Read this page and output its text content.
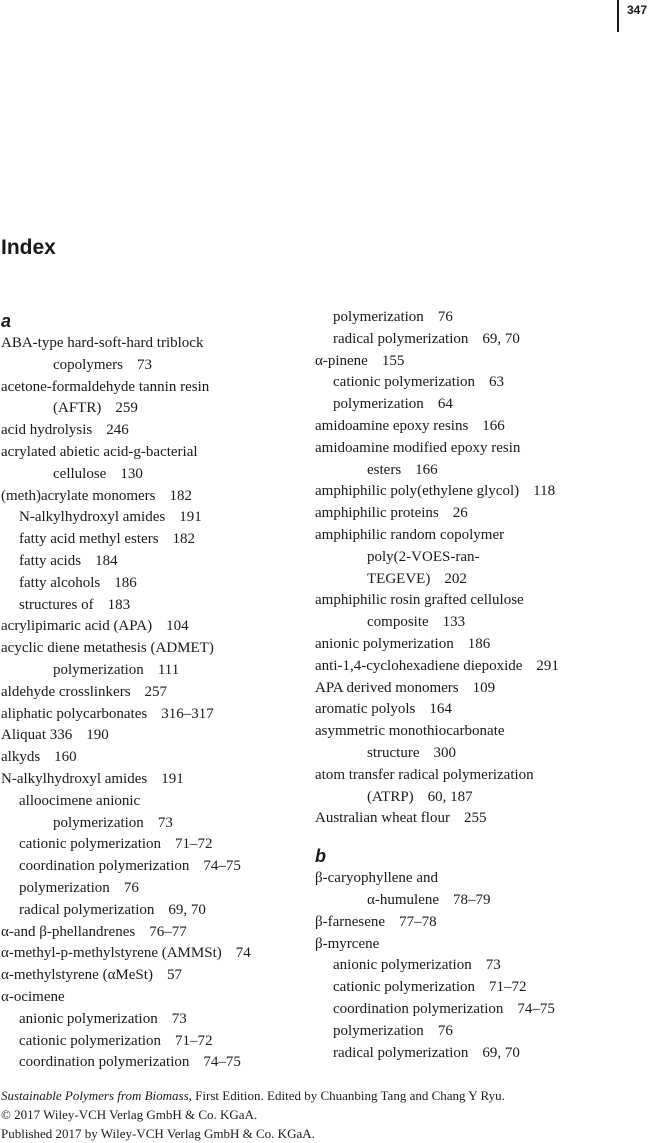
347
Index
a
ABA-type hard-soft-hard triblock
copolymers 73
acetone-formaldehyde tannin resin
(AFTR) 259
acid hydrolysis 246
acrylated abietic acid-g-bacterial
cellulose 130
(meth)acrylate monomers 182
N-alkylhydroxyl amides 191
fatty acid methyl esters 182
fatty acids 184
fatty alcohols 186
structures of 183
acrylipimaric acid (APA) 104
acyclic diene metathesis (ADMET)
polymerization 111
aldehyde crosslinkers 257
aliphatic polycarbonates 316–317
Aliquat 336 190
alkyds 160
N-alkylhydroxyl amides 191
alloocimene anionic
polymerization 73
cationic polymerization 71–72
coordination polymerization 74–75
polymerization 76
radical polymerization 69, 70
α-and β-phellandrenes 76–77
α-methyl-p-methylstyrene (AMMSt) 74
α-methylstyrene (αMeSt) 57
α-ocimene
anionic polymerization 73
cationic polymerization 71–72
coordination polymerization 74–75
polymerization 76
radical polymerization 69, 70
α-pinene 155
cationic polymerization 63
polymerization 64
amidoamine epoxy resins 166
amidoamine modified epoxy resin
esters 166
amphiphilic poly(ethylene glycol) 118
amphiphilic proteins 26
amphiphilic random copolymer
poly(2-VOES-ran-
TEGEVE) 202
amphiphilic rosin grafted cellulose
composite 133
anionic polymerization 186
anti-1,4-cyclohexadiene diepoxide 291
APA derived monomers 109
aromatic polyols 164
asymmetric monothiocarbonate
structure 300
atom transfer radical polymerization
(ATRP) 60, 187
Australian wheat flour 255
b
β-caryophyllene and
α-humulene 78–79
β-farnesene 77–78
β-myrcene
anionic polymerization 73
cationic polymerization 71–72
coordination polymerization 74–75
polymerization 76
radical polymerization 69, 70
Sustainable Polymers from Biomass, First Edition. Edited by Chuanbing Tang and Chang Y Ryu.
© 2017 Wiley-VCH Verlag GmbH & Co. KGaA.
Published 2017 by Wiley-VCH Verlag GmbH & Co. KGaA.
